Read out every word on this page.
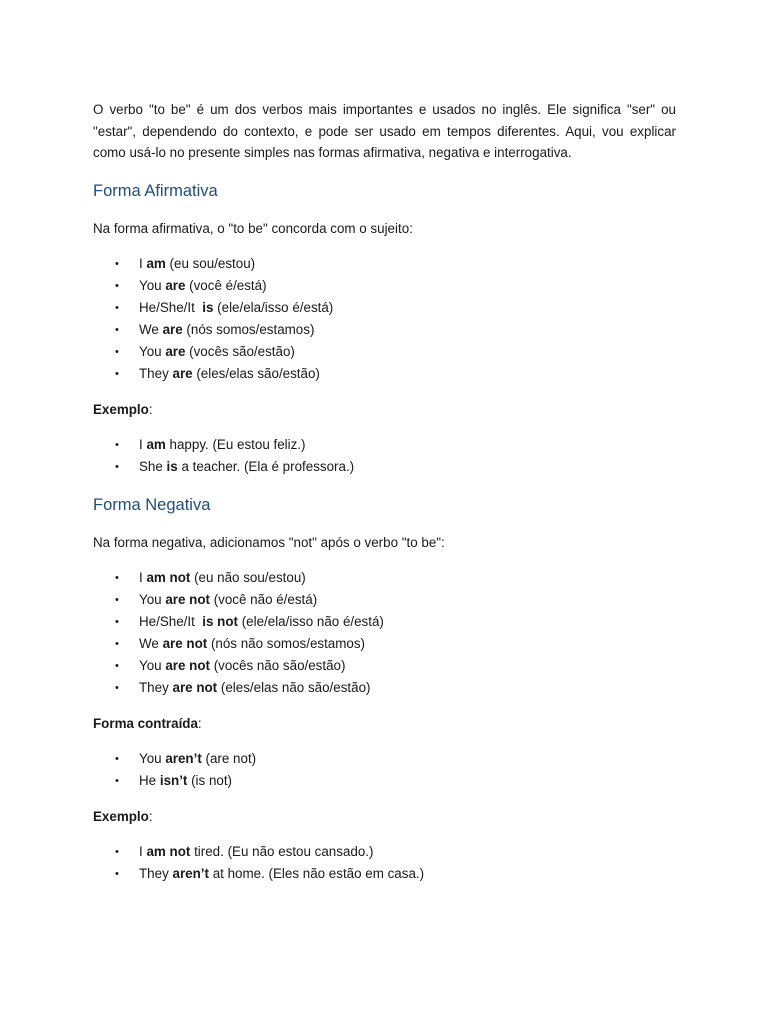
O verbo "to be" é um dos verbos mais importantes e usados no inglês. Ele significa "ser" ou "estar", dependendo do contexto, e pode ser usado em tempos diferentes. Aqui, vou explicar como usá-lo no presente simples nas formas afirmativa, negativa e interrogativa.

Forma Afirmativa

Na forma afirmativa, o "to be" concorda com o sujeito:

• I am (eu sou/estou)
• You are (você é/está)
• He/She/It  is (ele/ela/isso é/está)
• We are (nós somos/estamos)
• You are (vocês são/estão)
• They are (eles/elas são/estão)

Exemplo:

• I am happy. (Eu estou feliz.)
• She is a teacher. (Ela é professora.)
Forma Negativa

Na forma negativa, adicionamos "not" após o verbo "to be":

• I am not (eu não sou/estou)
• You are not (você não é/está)
• He/She/It  is not (ele/ela/isso não é/está)
• We are not (nós não somos/estamos)
• You are not (vocês não são/estão)
• They are not (eles/elas não são/estão)

Forma contraída:

• You aren’t (are not)
• He isn’t (is not)

Exemplo:

• I am not tired. (Eu não estou cansado.)
• They aren’t at home. (Eles não estão em casa.)
